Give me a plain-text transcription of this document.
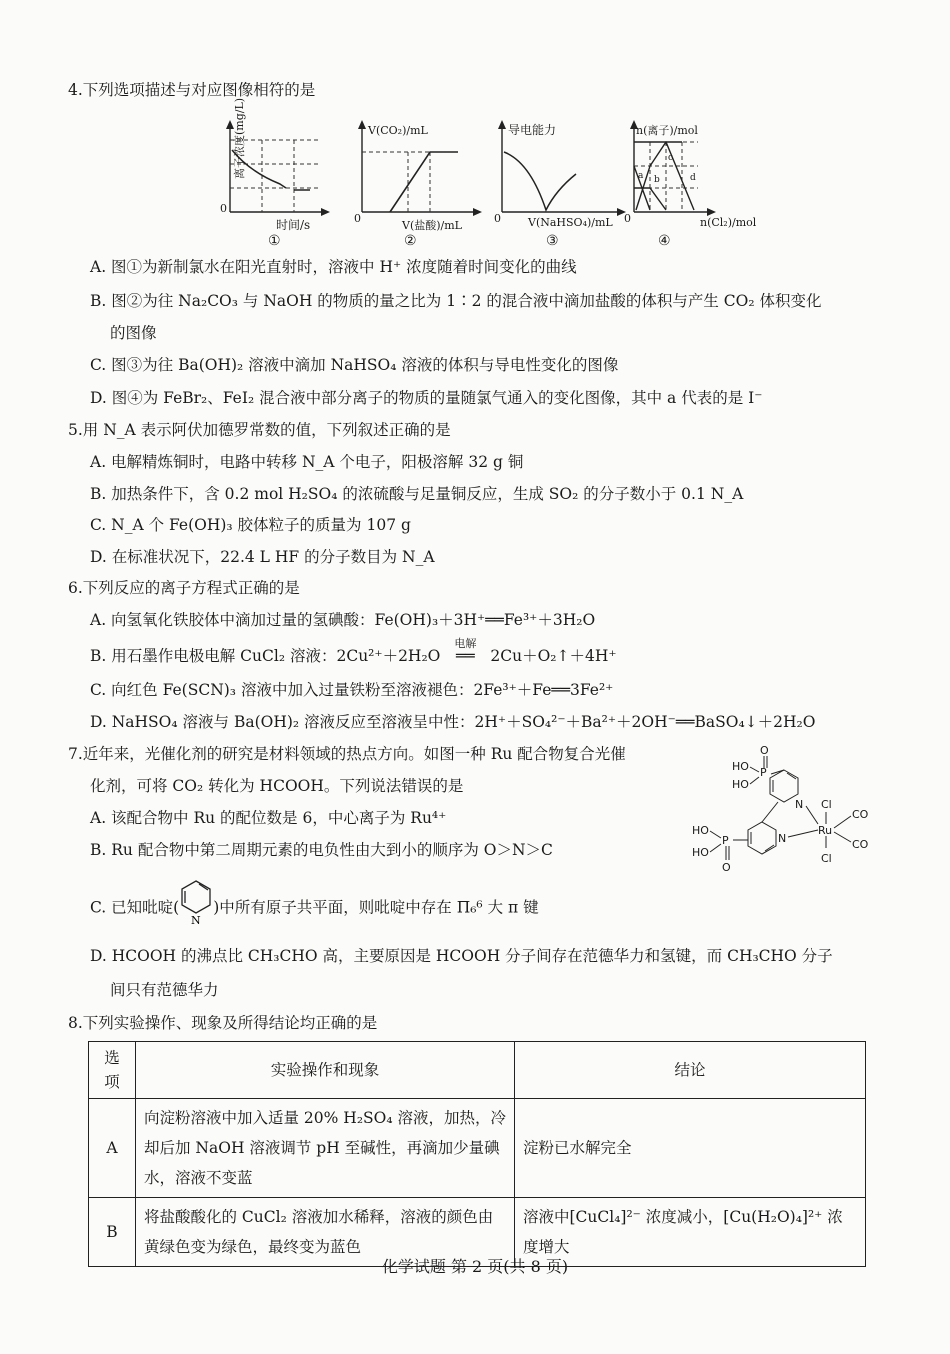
4.下列选项描述与对应图像相符的是
离子浓度(mg/L)
0
时间/s
①
V(CO₂)/mL
0
V(盐酸)/mL
②
导电能力
0 V(NaHSO₄)/mL
③
a b
c
d
n(离子)/mol
0	n(Cl₂)/mol
④
A. 图①为新制氯水在阳光直射时，溶液中 H⁺ 浓度随着时间变化的曲线
B. 图②为往 Na₂CO₃ 与 NaOH 的物质的量之比为 1∶2 的混合液中滴加盐酸的体积与产生 CO₂ 体积变化
的图像
C. 图③为往 Ba(OH)₂ 溶液中滴加 NaHSO₄ 溶液的体积与导电性变化的图像
D. 图④为 FeBr₂、FeI₂ 混合液中部分离子的物质的量随氯气通入的变化图像，其中 a 代表的是 I⁻
5.用 N_A 表示阿伏加德罗常数的值，下列叙述正确的是
A. 电解精炼铜时，电路中转移 N_A 个电子，阳极溶解 32 g 铜
B. 加热条件下，含 0.2 mol H₂SO₄ 的浓硫酸与足量铜反应，生成 SO₂ 的分子数小于 0.1 N_A
C. N_A 个 Fe(OH)₃ 胶体粒子的质量为 107 g
D. 在标准状况下，22.4 L HF 的分子数目为 N_A
6.下列反应的离子方程式正确的是
A. 向氢氧化铁胶体中滴加过量的氢碘酸：Fe(OH)₃＋3H⁺══Fe³⁺＋3H₂O
B. 用石墨作电极电解 CuCl₂ 溶液：2Cu²⁺＋2H₂O
电解
══ 2Cu＋O₂↑＋4H⁺
C. 向红色 Fe(SCN)₃ 溶液中加入过量铁粉至溶液褪色：2Fe³⁺＋Fe══3Fe²⁺
D. NaHSO₄ 溶液与 Ba(OH)₂ 溶液反应至溶液呈中性：2H⁺＋SO₄²⁻＋Ba²⁺＋2OH⁻══BaSO₄↓＋2H₂O
7.近年来，光催化剂的研究是材料领域的热点方向。如图一种 Ru 配合物复合光催
化剂，可将 CO₂ 转化为 HCOOH。下列说法错误的是
A. 该配合物中 Ru 的配位数是 6，中心离子为 Ru⁴⁺
B. Ru 配合物中第二周期元素的电负性由大到小的顺序为 O＞N＞C
O
HO P
HO
N Cl
CO
Ru
CO
Cl
HO
P
HO
O
N
C. 已知吡啶(
N
)中所有原子共平面，则吡啶中存在 Π₆⁶ 大 π 键
D. HCOOH 的沸点比 CH₃CHO 高，主要原因是 HCOOH 分子间存在范德华力和氢键，而 CH₃CHO 分子
间只有范德华力
8.下列实验操作、现象及所得结论均正确的是
选项	实验操作和现象	结论
A	向淀粉溶液中加入适量 20% H₂SO₄ 溶液，加热，冷却后加 NaOH 溶液调节 pH 至碱性，再滴加少量碘水，溶液不变蓝	淀粉已水解完全
B	将盐酸酸化的 CuCl₂ 溶液加水稀释，溶液的颜色由黄绿色变为绿色，最终变为蓝色	溶液中[CuCl₄]²⁻ 浓度减小，[Cu(H₂O)₄]²⁺ 浓度增大
化学试题 第 2 页(共 8 页)
